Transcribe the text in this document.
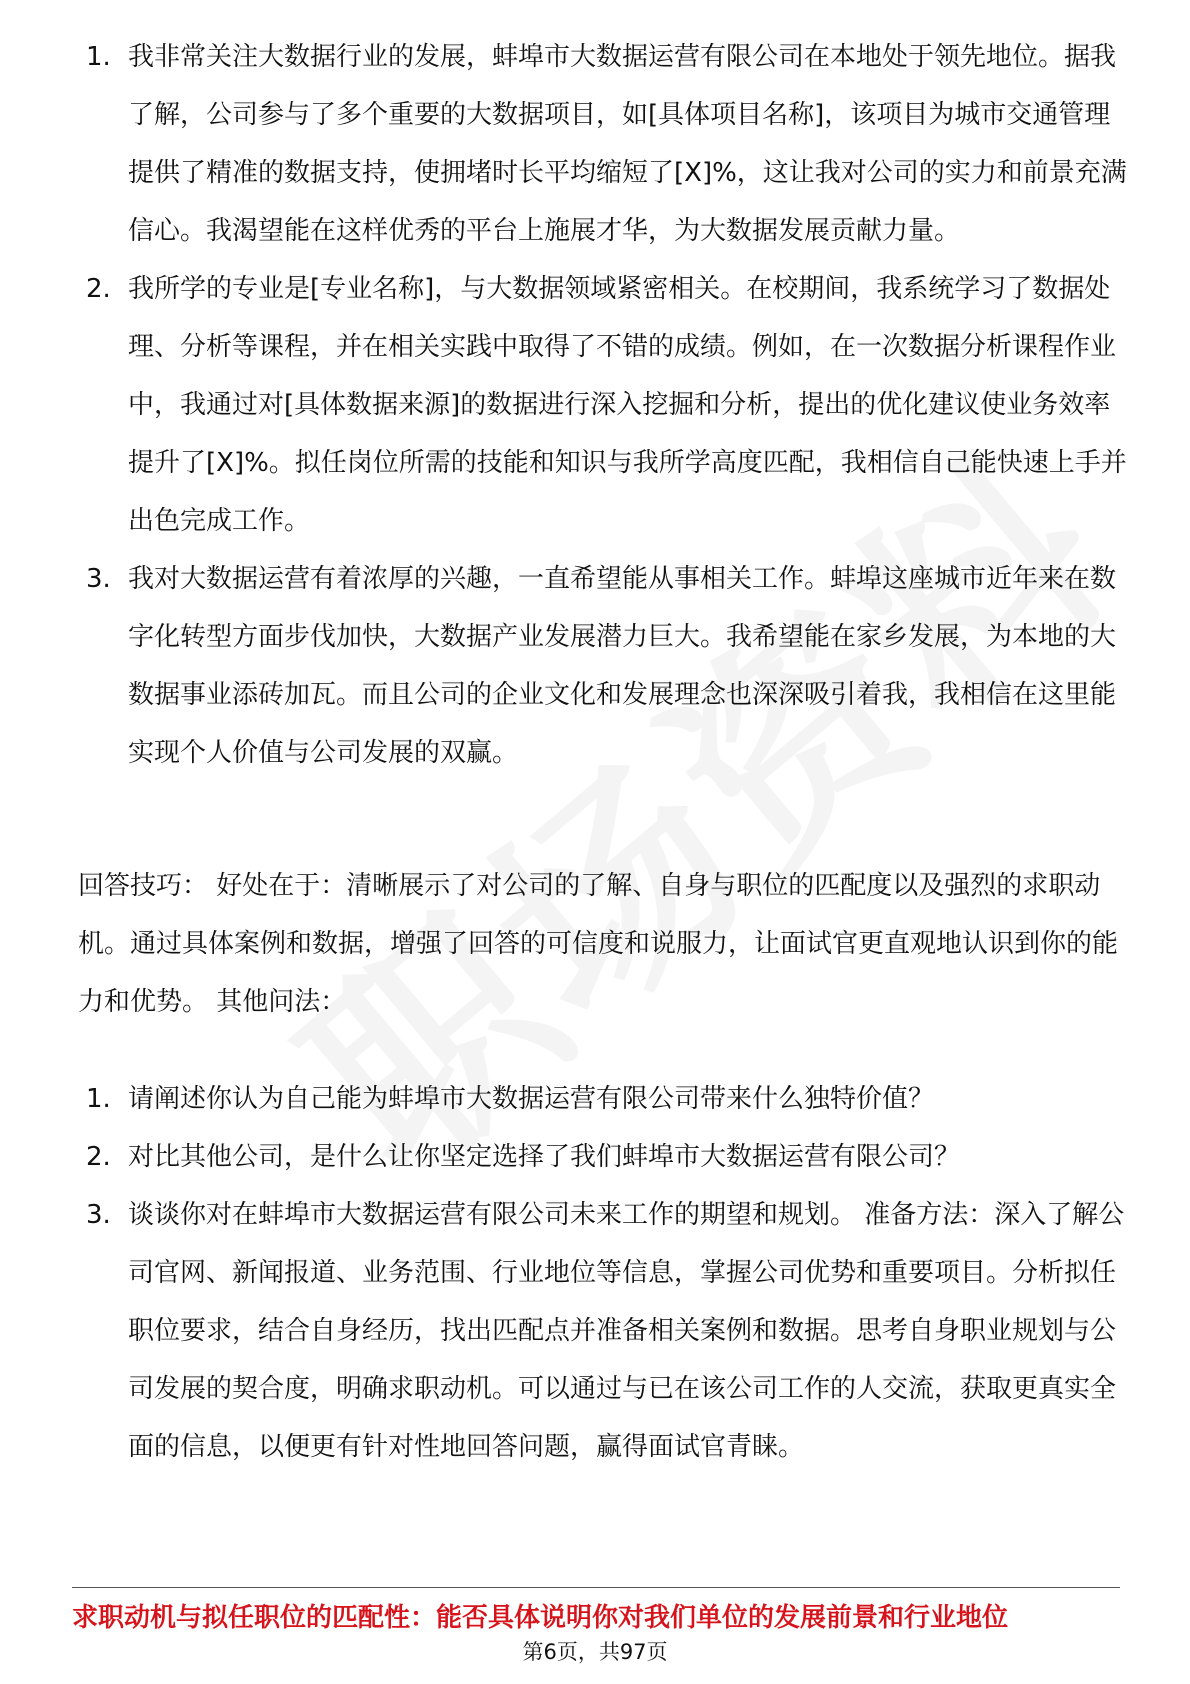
1. 我非常关注大数据行业的发展，蚌埠市大数据运营有限公司在本地处于领先地位。据我了解，公司参与了多个重要的大数据项目，如[具体项目名称]，该项目为城市交通管理提供了精准的数据支持，使拥堵时长平均缩短了[X]%，这让我对公司的实力和前景充满信心。我渴望能在这样优秀的平台上施展才华，为大数据发展贡献力量。
2. 我所学的专业是[专业名称]，与大数据领域紧密相关。在校期间，我系统学习了数据处理、分析等课程，并在相关实践中取得了不错的成绩。例如，在一次数据分析课程作业中，我通过对[具体数据来源]的数据进行深入挖掘和分析，提出的优化建议使业务效率提升了[X]%。拟任岗位所需的技能和知识与我所学高度匹配，我相信自己能快速上手并出色完成工作。
3. 我对大数据运营有着浓厚的兴趣，一直希望能从事相关工作。蚌埠这座城市近年来在数字化转型方面步伐加快，大数据产业发展潜力巨大。我希望能在家乡发展，为本地的大数据事业添砖加瓦。而且公司的企业文化和发展理念也深深吸引着我，我相信在这里能实现个人价值与公司发展的双赢。

回答技巧： 好处在于：清晰展示了对公司的了解、自身与职位的匹配度以及强烈的求职动机。通过具体案例和数据，增强了回答的可信度和说服力，让面试官更直观地认识到你的能力和优势。 其他问法：

1. 请阐述你认为自己能为蚌埠市大数据运营有限公司带来什么独特价值？
2. 对比其他公司，是什么让你坚定选择了我们蚌埠市大数据运营有限公司？
3. 谈谈你对在蚌埠市大数据运营有限公司未来工作的期望和规划。 准备方法：深入了解公司官网、新闻报道、业务范围、行业地位等信息，掌握公司优势和重要项目。分析拟任职位要求，结合自身经历，找出匹配点并准备相关案例和数据。思考自身职业规划与公司发展的契合度，明确求职动机。可以通过与已在该公司工作的人交流，获取更真实全面的信息，以便更有针对性地回答问题，赢得面试官青睐。
求职动机与拟任职位的匹配性：能否具体说明你对我们单位的发展前景和行业地位
第6页，共97页
